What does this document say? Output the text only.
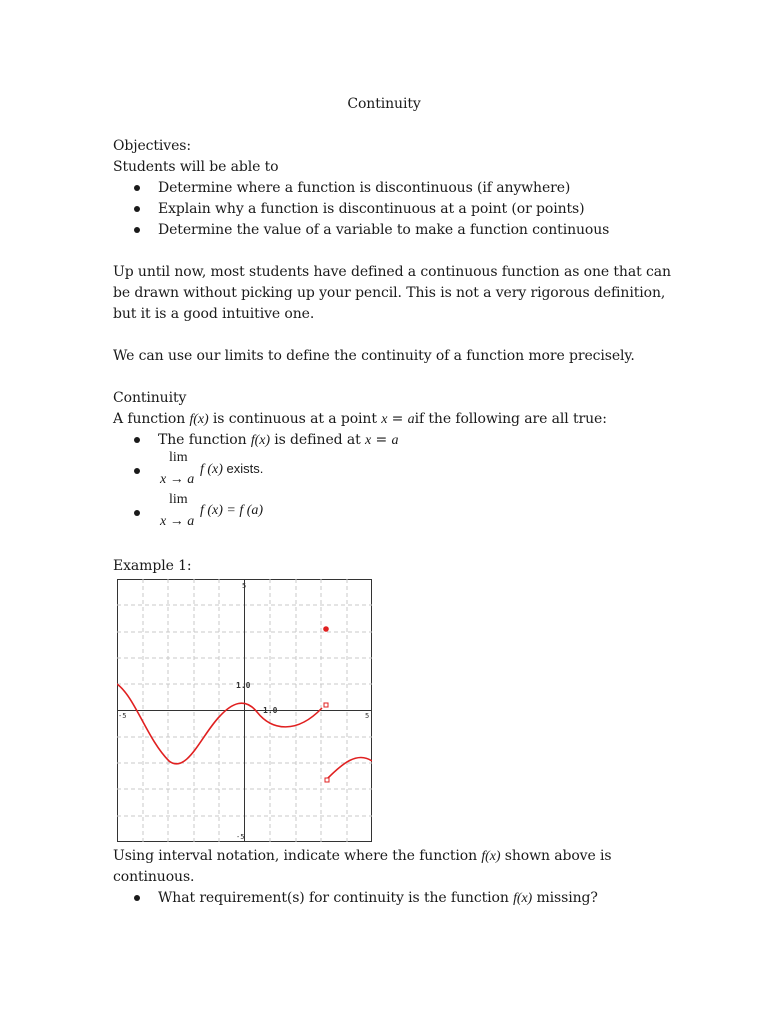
Continuity
Objectives:
Students will be able to
Determine where a function is discontinuous (if anywhere)
Explain why a function is discontinuous at a point (or points)
Determine the value of a variable to make a function continuous
Up until now, most students have defined a continuous function as one that can
be drawn without picking up your pencil. This is not a very rigorous definition,
but it is a good intuitive one.
We can use our limits to define the continuity of a function more precisely.
Continuity
A function f(x) is continuous at a point x = aif the following are all true:
The function f(x) is defined at x = a
lim
x → a
f (x) exists.
lim
x → a
f (x) = f (a)
Example 1:
5
-5
-5	5
1.0
1.0
Using interval notation, indicate where the function f(x) shown above is
continuous.
What requirement(s) for continuity is the function f(x) missing?
